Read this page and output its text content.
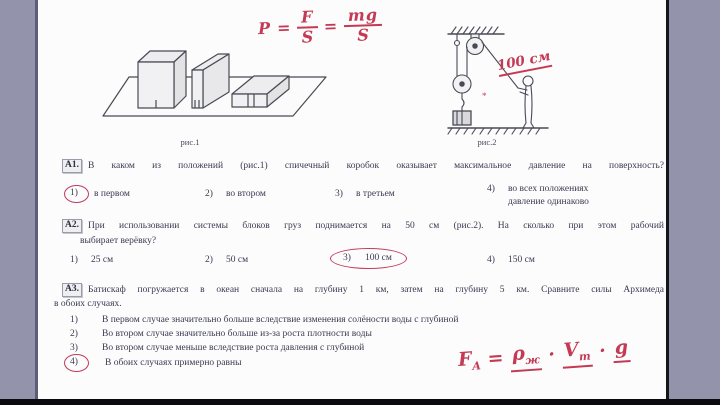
$P = \frac{F}{S} = \frac{mg}{S}$
рис.1
*
рис.2
100 см
А1. В каком из положений (рис.1) спичечный коробок оказывает максимальное давление на поверхность?
1)	в первом	2)	во втором	3)	в третьем	4)	во всех положениях
давление одинаково
А2. При использовании системы блоков груз поднимается на 50 см (рис.2). На сколько при этом рабочий
выбирает верёвку?
1)	25 см	2)	50 см	3)	100 см	4)	150 см
А3. Батискаф погружается в океан сначала на глубину 1 км, затем на глубину 5 км. Сравните силы Архимеда
в обоих случаях.
1)	В первом случае значительно больше вследствие изменения солёности воды с глубиной
2)	Во втором случае значительно больше из-за роста плотности воды
3)	Во втором случае меньше вследствие роста давления с глубиной
4)	В обоих случаях примерно равны	$F_А = \rho_ж \cdot V_т \cdot g$
